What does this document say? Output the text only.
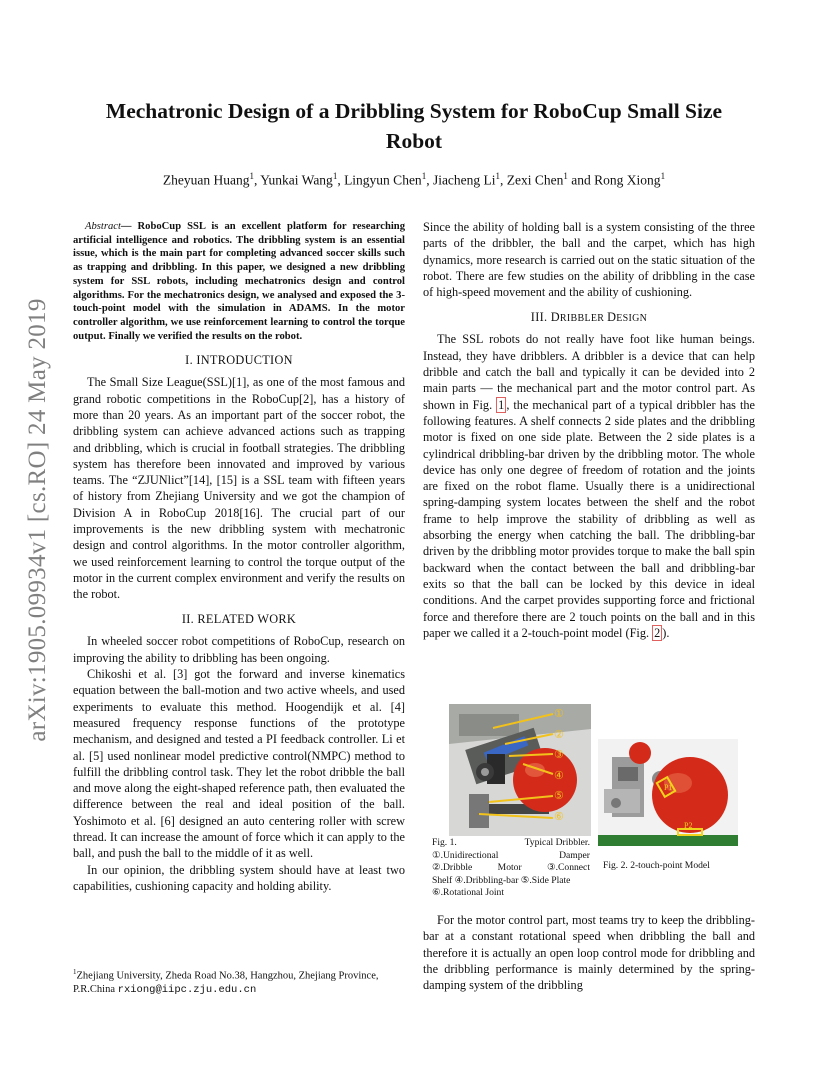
arXiv:1905.09934v1 [cs.RO] 24 May 2019
Mechatronic Design of a Dribbling System for RoboCup Small Size Robot
Zheyuan Huang$^1$, Yunkai Wang$^1$, Lingyun Chen$^1$, Jiacheng Li$^1$, Zexi Chen$^1$ and Rong Xiong$^1$

Abstract— RoboCup SSL is an excellent platform for researching artificial intelligence and robotics. The dribbling system is an essential issue, which is the main part for completing advanced soccer skills such as trapping and dribbling. In this paper, we designed a new dribbling system for SSL robots, including mechatronics design and control algorithms. For the mechatronics design, we analysed and exposed the 3-touch-point model with the simulation in ADAMS. In the motor controller algorithm, we use reinforcement learning to control the torque output. Finally we verified the results on the robot.

I. INTRODUCTION

The Small Size League(SSL)[1], as one of the most famous and grand robotic competitions in the RoboCup[2], has a history of more than 20 years. As an important part of the soccer robot, the dribbling system can achieve advanced actions such as trapping and dribbling, which is crucial in football strategies. The dribbling system has therefore been innovated and improved by various teams. The “ZJUNlict”[14], [15] is a SSL team with fifteen years of history from Zhejiang University and we got the champion of Division A in RoboCup 2018[16]. The crucial part of our improvements is the new dribbling system with mechatronic design and control algorithms. In the motor controller algorithm, we used reinforcement learning to control the torque output of the motor in the current complex environment and verify the results on the robot.

II. RELATED WORK

In wheeled soccer robot competitions of RoboCup, research on improving the ability to dribbling has been ongoing.

Chikoshi et al. [3] got the forward and inverse kinematics equation between the ball-motion and two active wheels, and used experiments to evaluate this method. Hoogendijk et al. [4] measured frequency response functions of the prototype mechanism, and designed and tested a PI feedback controller. Li et al. [5] used nonlinear model predictive control(NMPC) method to fulfill the dribbling control task. They let the robot dribble the ball and move along the eight-shaped reference path, then evaluated the difference between the real and ideal position of the ball. Yoshimoto et al. [6] designed an auto centering roller with screw thread. It can increase the amount of force which it can apply to the ball, and push the ball to the middle of it as well.

In our opinion, the dribbling system should have at least two capabilities, cushioning capacity and holding ability.

$^1$Zhejiang University, Zheda Road No.38, Hangzhou, Zhejiang Province, P.R.China rxiong@iipc.zju.edu.cn

Since the ability of holding ball is a system consisting of the three parts of the dribbler, the ball and the carpet, which has high dynamics, more research is carried out on the static situation of the robot. There are few studies on the ability of dribbling in the case of high-speed movement and the ability of cushioning.

III. DRIBBLER DESIGN

The SSL robots do not really have foot like human beings. Instead, they have dribblers. A dribbler is a device that can help dribble and catch the ball and typically it can be devided into 2 main parts — the mechanical part and the motor control part. As shown in Fig. 1 , the mechanical part of a typical dribbler has the following features. A shelf connects 2 side plates and the dribbling motor is fixed on one side plate. Between the 2 side plates is a cylindrical dribbling-bar driven by the dribbling motor. The whole device has only one degree of freedom of rotation and the joints are fixed on the robot flame. Usually there is a unidirectional spring-damping system locates between the shelf and the robot frame to help improve the stability of dribbling as well as absorbing the energy when catching the ball. The dribbling-bar driven by the dribbling motor provides torque to make the ball spin backward when the contact between the ball and dribbling-bar exits so that the ball can be locked by this device in ideal conditions. And the carpet provides supporting force and frictional force and therefore there are 2 touch points on the ball and in this paper we called it a 2-touch-point model (Fig. 2 ).

①
②
③
④
⑤
⑥
Fig. 1.	Typical Dribbler.
①.Unidirectional	Damper
②.Dribble	Motor	③.Connect
Shelf ④.Dribbling-bar ⑤.Side Plate
⑥.Rotational Joint
P1
P2
Fig. 2. 2-touch-point Model

For the motor control part, most teams try to keep the dribbling-bar at a constant rotational speed when dribbling the ball and therefore it is actually an open loop control mode for dribbling and the dribbling performance is mainly determined by the spring-damping system of the dribbling
